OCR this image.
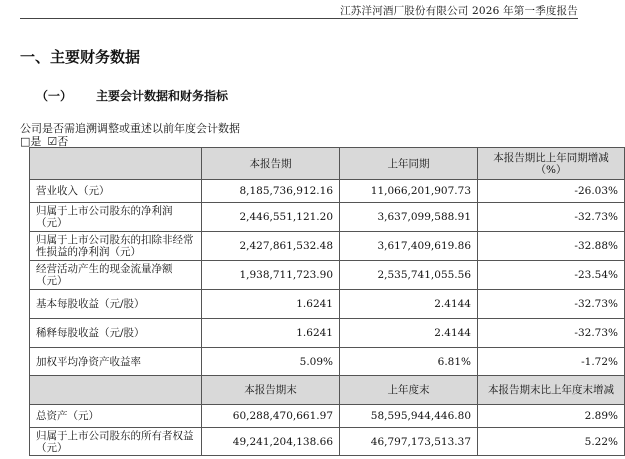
江苏洋河酒厂股份有限公司 2026 年第一季度报告
一、主要财务数据
（一） 主要会计数据和财务指标
公司是否需追溯调整或重述以前年度会计数据
□是 ☑否
	本报告期	上年同期	本报告期比上年同期增减（%）
营业收入（元）	8,185,736,912.16	11,066,201,907.73	-26.03%
归属于上市公司股东的净利润（元）	2,446,551,121.20	3,637,099,588.91	-32.73%
归属于上市公司股东的扣除非经常性损益的净利润（元）	2,427,861,532.48	3,617,409,619.86	-32.88%
经营活动产生的现金流量净额（元）	1,938,711,723.90	2,535,741,055.56	-23.54%
基本每股收益（元/股）	1.6241	2.4144	-32.73%
稀释每股收益（元/股）	1.6241	2.4144	-32.73%
加权平均净资产收益率	5.09%	6.81%	-1.72%
	本报告期末	上年度末	本报告期末比上年度末增减
总资产（元）	60,288,470,661.97	58,595,944,446.80	2.89%
归属于上市公司股东的所有者权益（元）	49,241,204,138.66	46,797,173,513.37	5.22%
